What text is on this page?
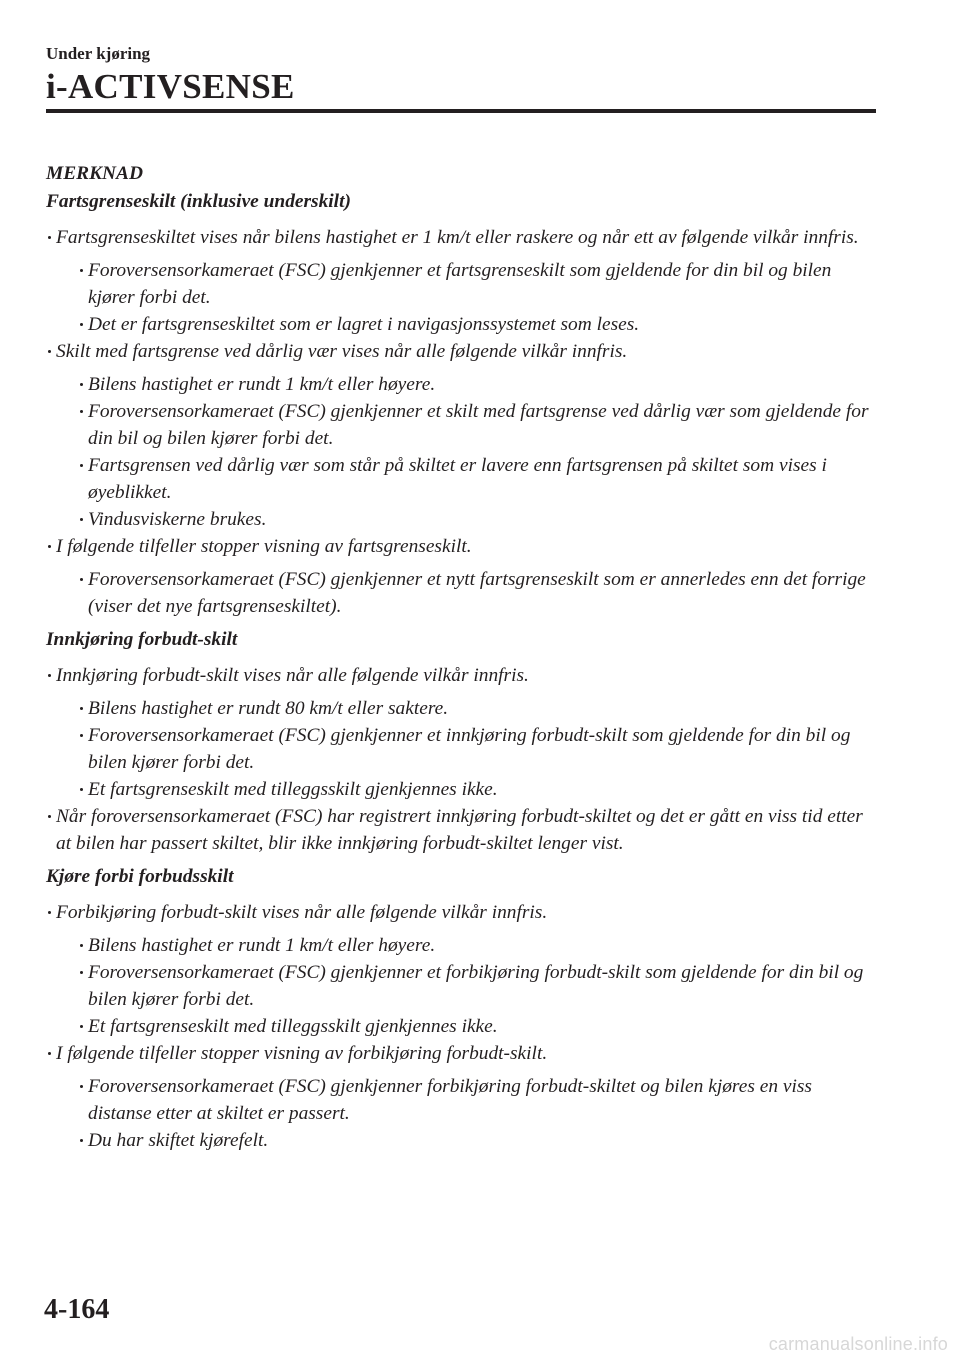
Under kjøring
i-ACTIVSENSE
MERKNAD
Fartsgrenseskilt (inklusive underskilt)
Fartsgrenseskiltet vises når bilens hastighet er 1 km/t eller raskere og når ett av følgende vilkår innfris.
Foroversensorkameraet (FSC) gjenkjenner et fartsgrenseskilt som gjeldende for din bil og bilen kjører forbi det.
Det er fartsgrenseskiltet som er lagret i navigasjonssystemet som leses.
Skilt med fartsgrense ved dårlig vær vises når alle følgende vilkår innfris.
Bilens hastighet er rundt 1 km/t eller høyere.
Foroversensorkameraet (FSC) gjenkjenner et skilt med fartsgrense ved dårlig vær som gjeldende for din bil og bilen kjører forbi det.
Fartsgrensen ved dårlig vær som står på skiltet er lavere enn fartsgrensen på skiltet som vises i øyeblikket.
Vindusviskerne brukes.
I følgende tilfeller stopper visning av fartsgrenseskilt.
Foroversensorkameraet (FSC) gjenkjenner et nytt fartsgrenseskilt som er annerledes enn det forrige (viser det nye fartsgrenseskiltet).
Innkjøring forbudt-skilt
Innkjøring forbudt-skilt vises når alle følgende vilkår innfris.
Bilens hastighet er rundt 80 km/t eller saktere.
Foroversensorkameraet (FSC) gjenkjenner et innkjøring forbudt-skilt som gjeldende for din bil og bilen kjører forbi det.
Et fartsgrenseskilt med tilleggsskilt gjenkjennes ikke.
Når foroversensorkameraet (FSC) har registrert innkjøring forbudt-skiltet og det er gått en viss tid etter at bilen har passert skiltet, blir ikke innkjøring forbudt-skiltet lenger vist.
Kjøre forbi forbudsskilt
Forbikjøring forbudt-skilt vises når alle følgende vilkår innfris.
Bilens hastighet er rundt 1 km/t eller høyere.
Foroversensorkameraet (FSC) gjenkjenner et forbikjøring forbudt-skilt som gjeldende for din bil og bilen kjører forbi det.
Et fartsgrenseskilt med tilleggsskilt gjenkjennes ikke.
I følgende tilfeller stopper visning av forbikjøring forbudt-skilt.
Foroversensorkameraet (FSC) gjenkjenner forbikjøring forbudt-skiltet og bilen kjøres en viss distanse etter at skiltet er passert.
Du har skiftet kjørefelt.
4-164
carmanualsonline.info
